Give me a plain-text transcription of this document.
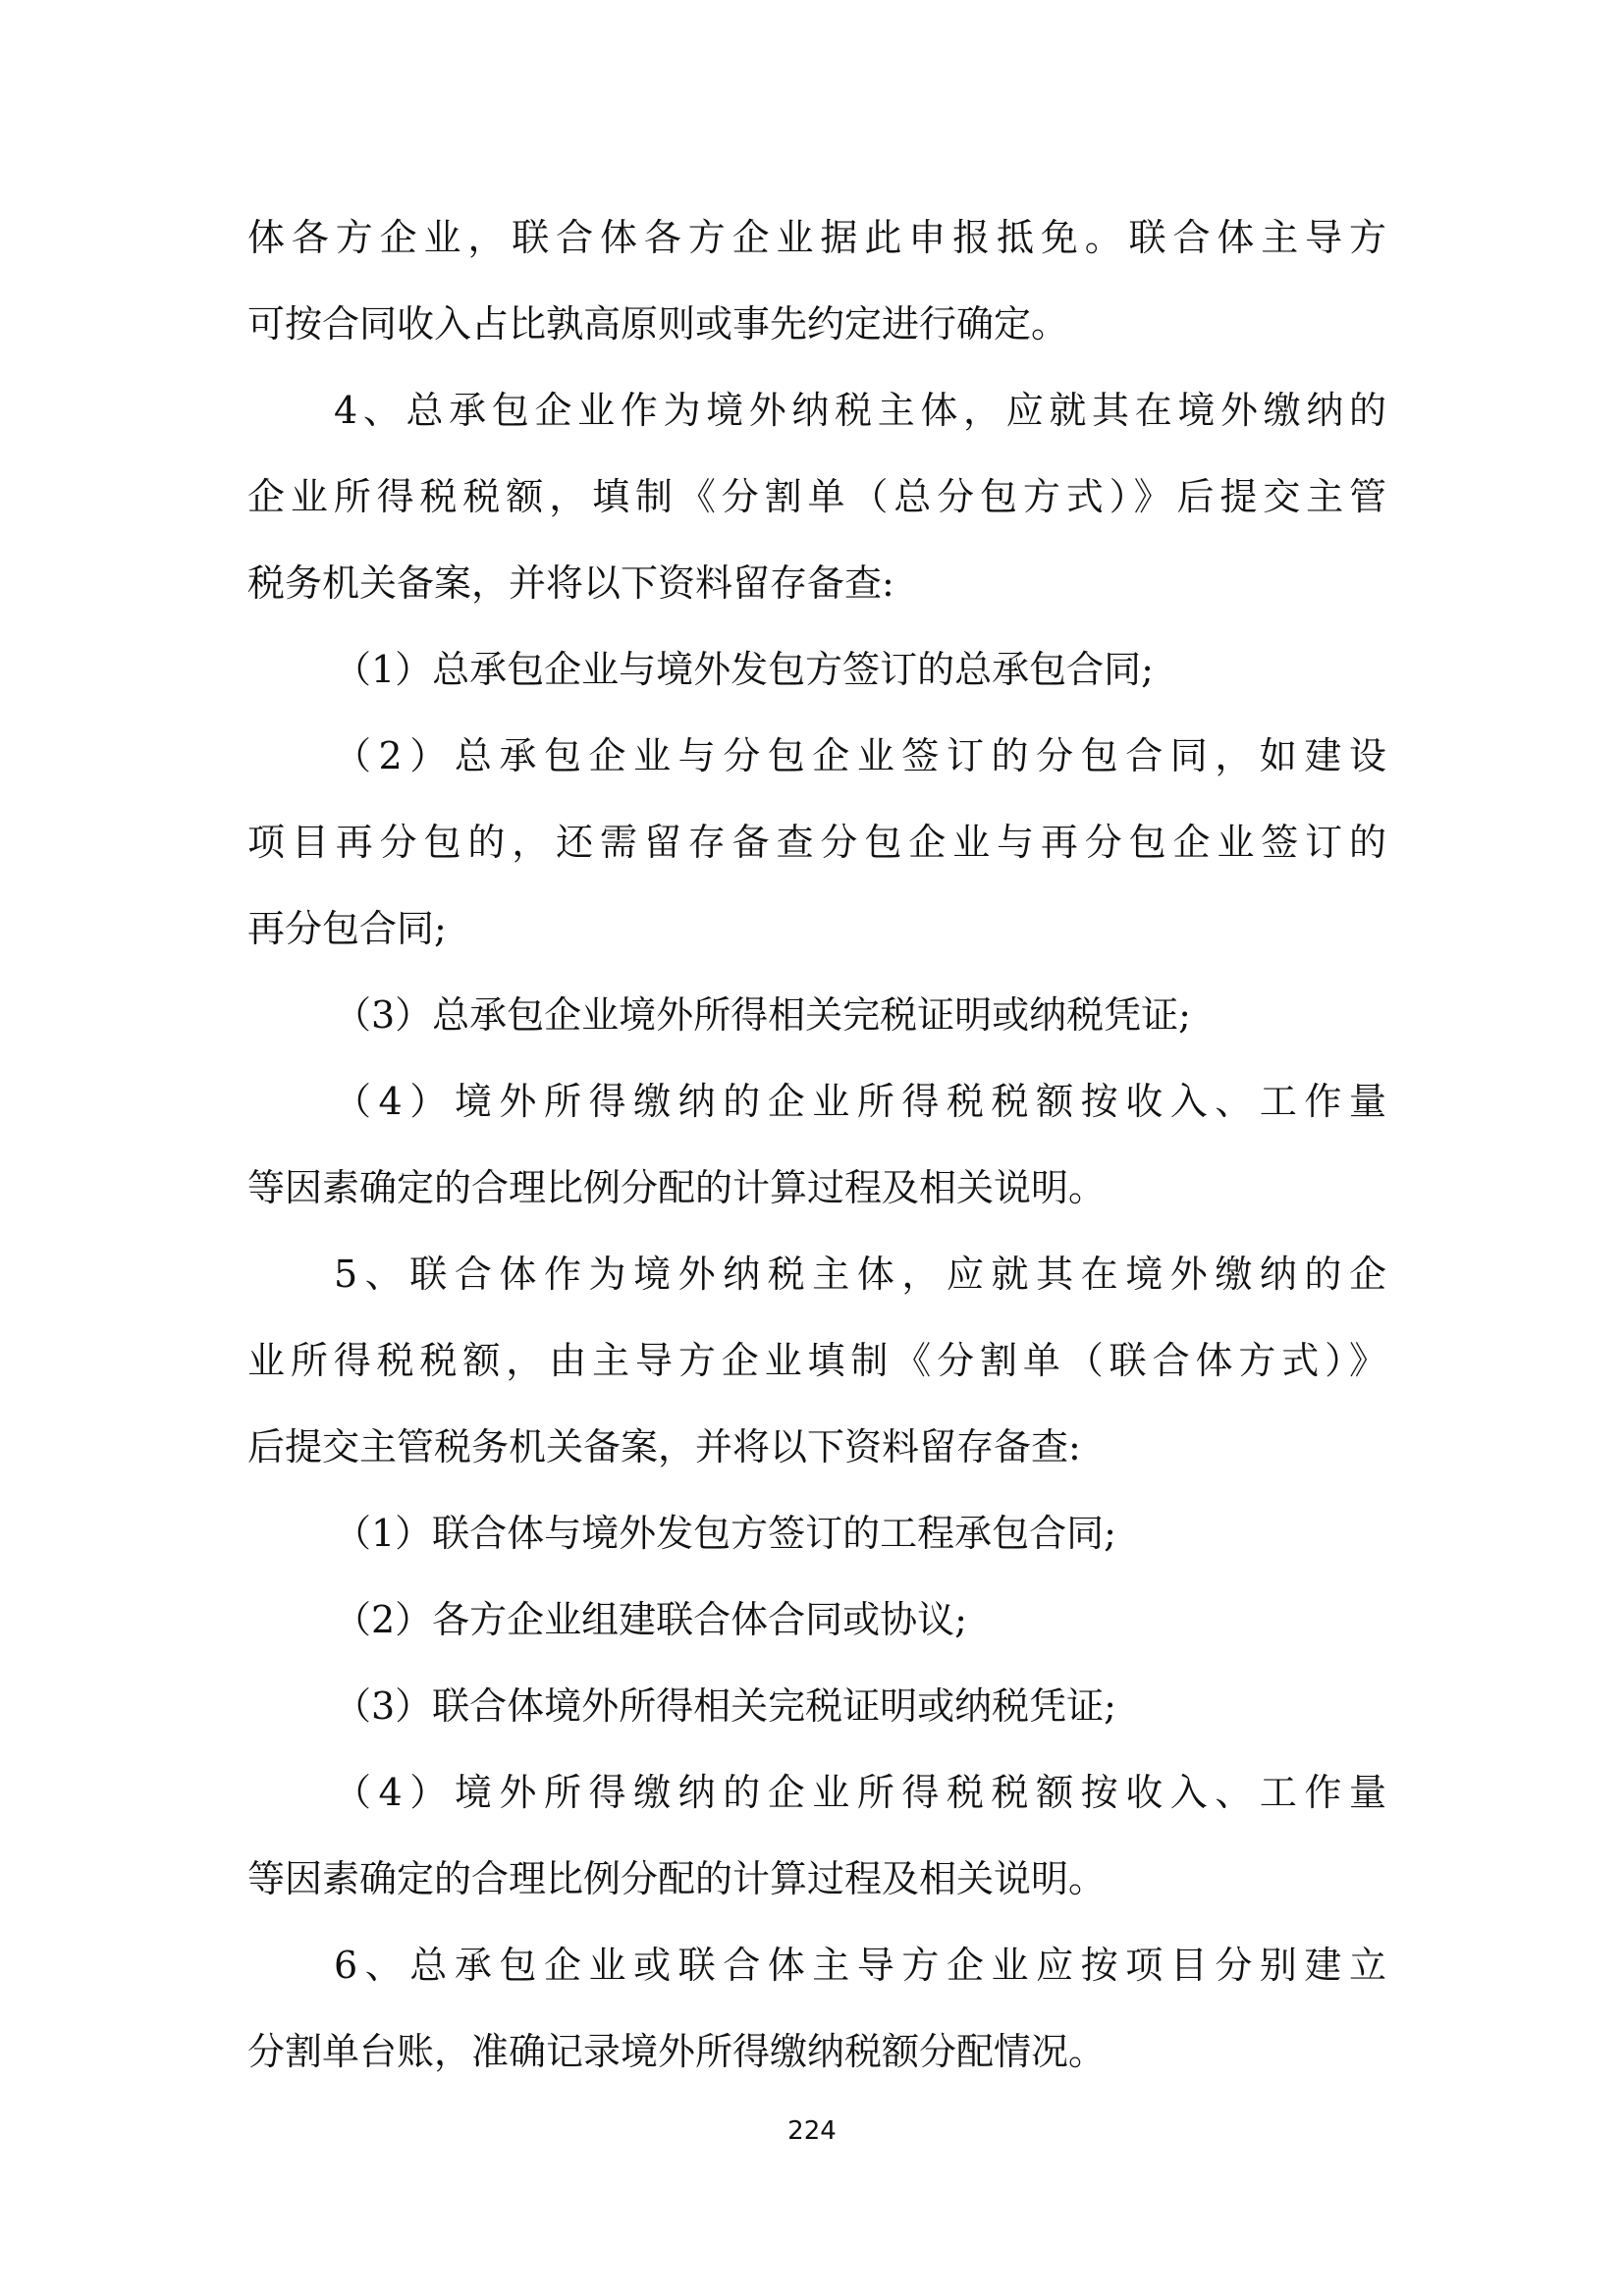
体各方企业，联合体各方企业据此申报抵免。联合体主导方
可按合同收入占比孰高原则或事先约定进行确定。
4、总承包企业作为境外纳税主体，应就其在境外缴纳的
企业所得税税额，填制《分割单（总分包方式）》后提交主管
税务机关备案，并将以下资料留存备查:
（1）总承包企业与境外发包方签订的总承包合同;
（2）总承包企业与分包企业签订的分包合同，如建设
项目再分包的，还需留存备查分包企业与再分包企业签订的
再分包合同;
（3）总承包企业境外所得相关完税证明或纳税凭证;
（4）境外所得缴纳的企业所得税税额按收入、工作量
等因素确定的合理比例分配的计算过程及相关说明。
5、联合体作为境外纳税主体，应就其在境外缴纳的企
业所得税税额，由主导方企业填制《分割单（联合体方式）》
后提交主管税务机关备案，并将以下资料留存备查:
（1）联合体与境外发包方签订的工程承包合同;
（2）各方企业组建联合体合同或协议;
（3）联合体境外所得相关完税证明或纳税凭证;
（4）境外所得缴纳的企业所得税税额按收入、工作量
等因素确定的合理比例分配的计算过程及相关说明。
6、总承包企业或联合体主导方企业应按项目分别建立
分割单台账，准确记录境外所得缴纳税额分配情况。
224
